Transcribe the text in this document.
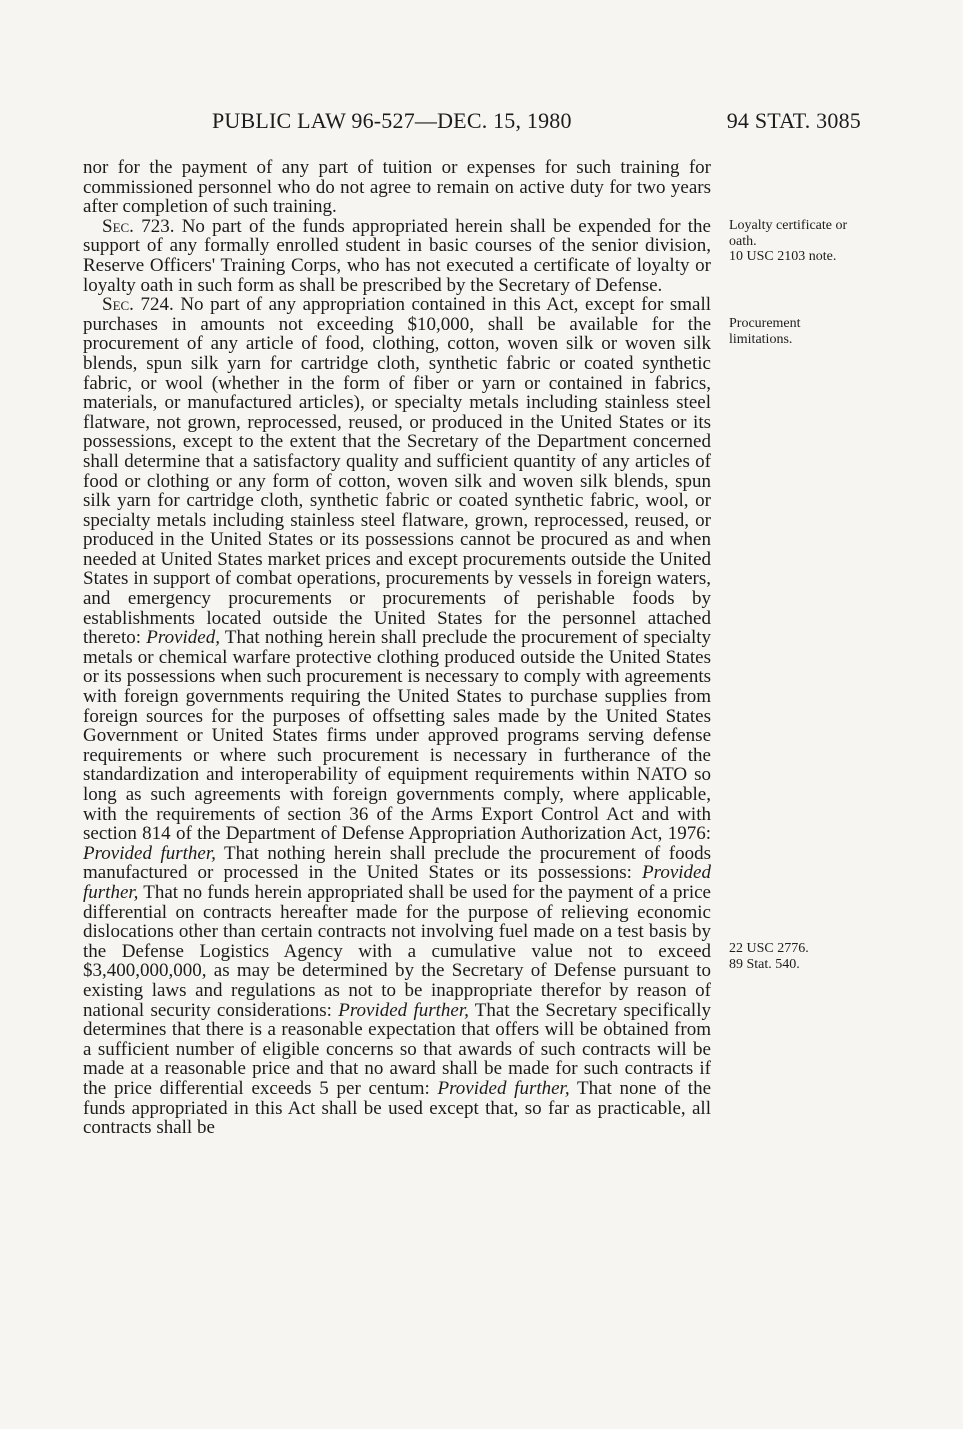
PUBLIC LAW 96-527—DEC. 15, 1980	94 STAT. 3085

nor for the payment of any part of tuition or expenses for such training for commissioned personnel who do not agree to remain on active duty for two years after completion of such training.

Sec. 723. No part of the funds appropriated herein shall be expended for the support of any formally enrolled student in basic courses of the senior division, Reserve Officers' Training Corps, who has not executed a certificate of loyalty or loyalty oath in such form as shall be prescribed by the Secretary of Defense.

Sec. 724. No part of any appropriation contained in this Act, except for small purchases in amounts not exceeding $10,000, shall be available for the procurement of any article of food, clothing, cotton, woven silk or woven silk blends, spun silk yarn for cartridge cloth, synthetic fabric or coated synthetic fabric, or wool (whether in the form of fiber or yarn or contained in fabrics, materials, or manufactured articles), or specialty metals including stainless steel flatware, not grown, reprocessed, reused, or produced in the United States or its possessions, except to the extent that the Secretary of the Department concerned shall determine that a satisfactory quality and sufficient quantity of any articles of food or clothing or any form of cotton, woven silk and woven silk blends, spun silk yarn for cartridge cloth, synthetic fabric or coated synthetic fabric, wool, or specialty metals including stainless steel flatware, grown, reprocessed, reused, or produced in the United States or its possessions cannot be procured as and when needed at United States market prices and except procurements outside the United States in support of combat operations, procurements by vessels in foreign waters, and emergency procurements or procurements of perishable foods by establishments located outside the United States for the personnel attached thereto: Provided, That nothing herein shall preclude the procurement of specialty metals or chemical warfare protective clothing produced outside the United States or its possessions when such procurement is necessary to comply with agreements with foreign governments requiring the United States to purchase supplies from foreign sources for the purposes of offsetting sales made by the United States Government or United States firms under approved programs serving defense requirements or where such procurement is necessary in furtherance of the standardization and interoperability of equipment requirements within NATO so long as such agreements with foreign governments comply, where applicable, with the requirements of section 36 of the Arms Export Control Act and with section 814 of the Department of Defense Appropriation Authorization Act, 1976: Provided further, That nothing herein shall preclude the procurement of foods manufactured or processed in the United States or its possessions: Provided further, That no funds herein appropriated shall be used for the payment of a price differential on contracts hereafter made for the purpose of relieving economic dislocations other than certain contracts not involving fuel made on a test basis by the Defense Logistics Agency with a cumulative value not to exceed $3,400,000,000, as may be determined by the Secretary of Defense pursuant to existing laws and regulations as not to be inappropriate therefor by reason of national security considerations: Provided further, That the Secretary specifically determines that there is a reasonable expectation that offers will be obtained from a sufficient number of eligible concerns so that awards of such contracts will be made at a reasonable price and that no award shall be made for such contracts if the price differential exceeds 5 per centum: Provided further, That none of the funds appropriated in this Act shall be used except that, so far as practicable, all contracts shall be

Loyalty certificate or oath.
10 USC 2103 note.
Procurement limitations.
22 USC 2776.
89 Stat. 540.
